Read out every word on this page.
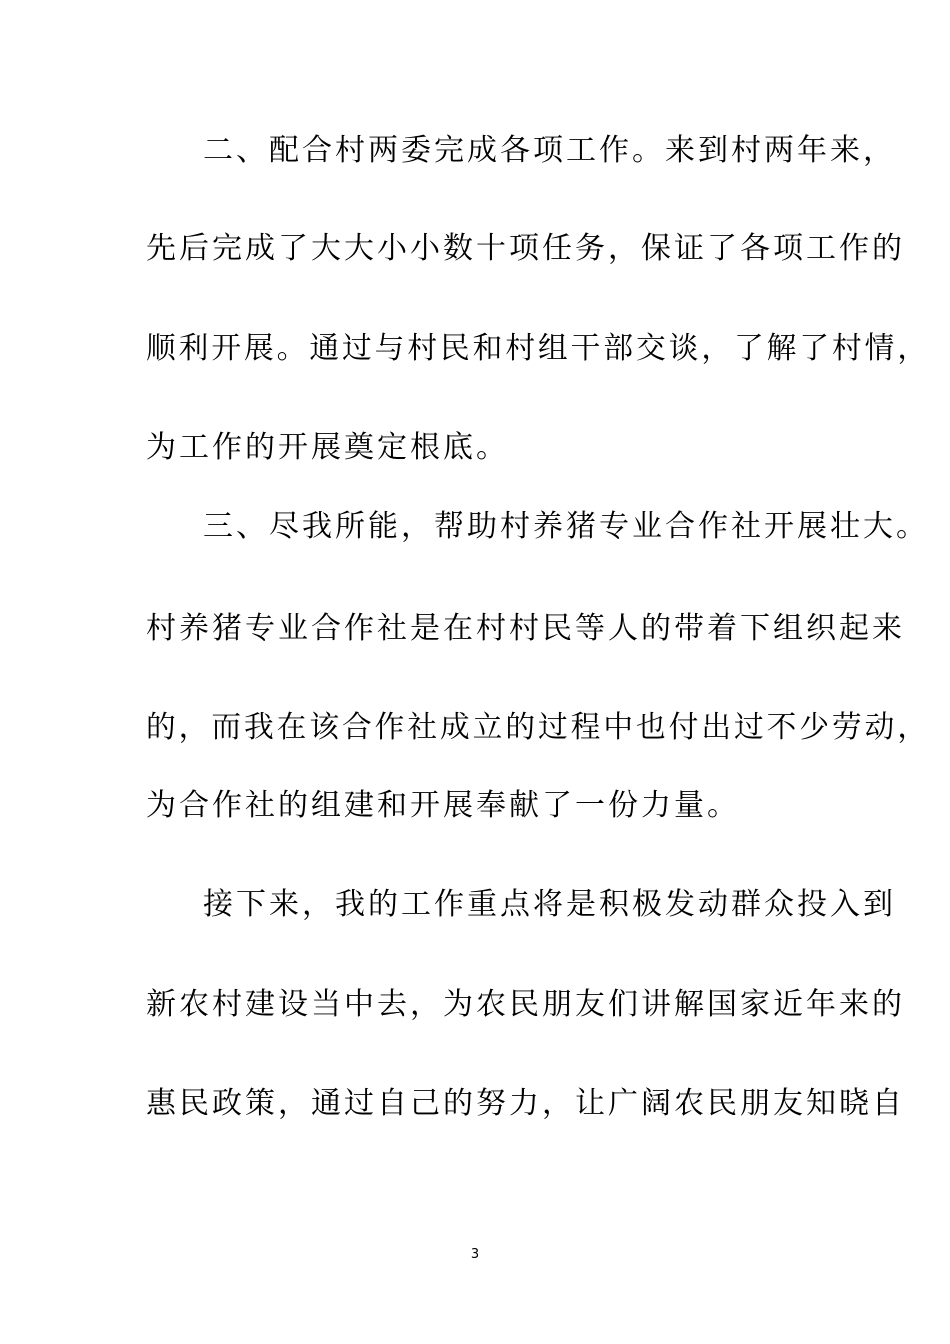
二、配合村两委完成各项工作。来到村两年来，
先后完成了大大小小数十项任务，保证了各项工作的
顺利开展。通过与村民和村组干部交谈，了解了村情，
为工作的开展奠定根底。
三、尽我所能，帮助村养猪专业合作社开展壮大。
村养猪专业合作社是在村村民等人的带着下组织起来
的，而我在该合作社成立的过程中也付出过不少劳动，
为合作社的组建和开展奉献了一份力量。
接下来，我的工作重点将是积极发动群众投入到
新农村建设当中去，为农民朋友们讲解国家近年来的
惠民政策，通过自己的努力，让广阔农民朋友知晓自
3
